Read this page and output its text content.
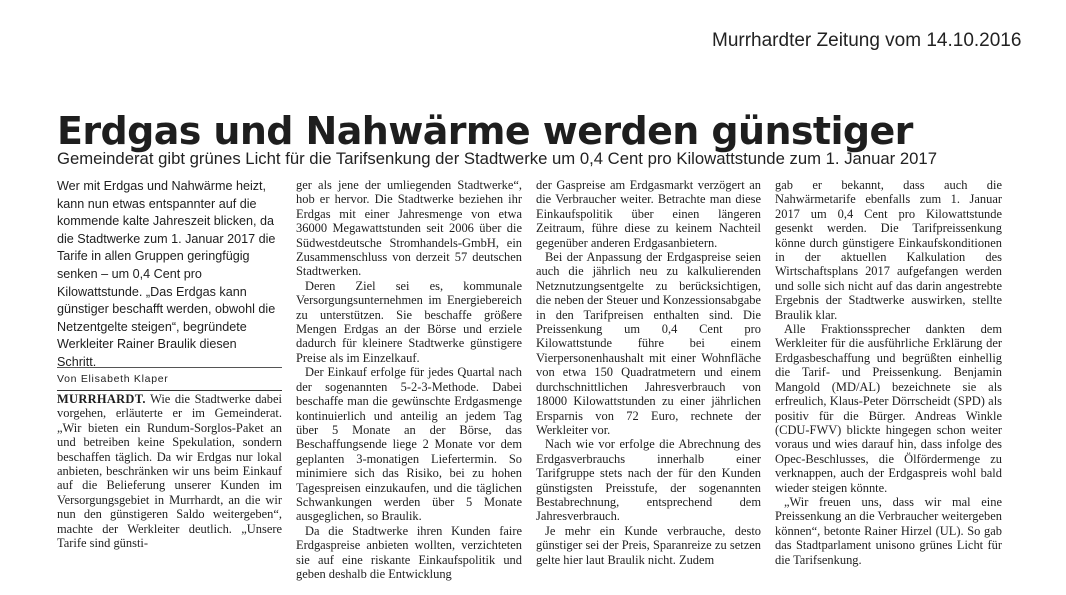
Murrhardter Zeitung vom 14.10.2016
Erdgas und Nahwärme werden günstiger
Gemeinderat gibt grünes Licht für die Tarifsenkung der Stadtwerke um 0,4 Cent pro Kilowattstunde zum 1. Januar 2017

Wer mit Erdgas und Nahwärme heizt, kann nun etwas entspannter auf die kommende kalte Jahreszeit blicken, da die Stadtwerke zum 1. Januar 2017 die Tarife in allen Gruppen geringfügig senken – um 0,4 Cent pro Kilowattstunde. „Das Erdgas kann günstiger beschafft werden, obwohl die Netzentgelte steigen“, begründete Werkleiter Rainer Braulik diesen Schritt.

Von Elisabeth Klaper

MURRHARDT. Wie die Stadtwerke dabei vorgehen, erläuterte er im Gemeinderat. „Wir bieten ein Rundum-Sorglos-Paket an und betreiben keine Spekulation, sondern beschaffen täglich. Da wir Erdgas nur lokal anbieten, beschränken wir uns beim Einkauf auf die Belieferung unserer Kunden im Versorgungsgebiet in Murrhardt, an die wir nun den günstigeren Saldo weitergeben“, machte der Werkleiter deutlich. „Unsere Tarife sind günsti-

ger als jene der umliegenden Stadtwerke“, hob er hervor. Die Stadtwerke beziehen ihr Erdgas mit einer Jahresmenge von etwa 36000 Megawattstunden seit 2006 über die Südwestdeutsche Stromhandels-GmbH, ein Zusammenschluss von derzeit 57 deutschen Stadtwerken.

Deren Ziel sei es, kommunale Versorgungsunternehmen im Energiebereich zu unterstützen. Sie beschaffe größere Mengen Erdgas an der Börse und erziele dadurch für kleinere Stadtwerke günstigere Preise als im Einzelkauf.

Der Einkauf erfolge für jedes Quartal nach der sogenannten 5-2-3-Methode. Dabei beschaffe man die gewünschte Erdgasmenge kontinuierlich und anteilig an jedem Tag über 5 Monate an der Börse, das Beschaffungsende liege 2 Monate vor dem geplanten 3-monatigen Liefertermin. So minimiere sich das Risiko, bei zu hohen Tagespreisen einzukaufen, und die täglichen Schwankungen werden über 5 Monate ausgeglichen, so Braulik.

Da die Stadtwerke ihren Kunden faire Erdgaspreise anbieten wollten, verzichteten sie auf eine riskante Einkaufspolitik und geben deshalb die Entwicklung

der Gaspreise am Erdgasmarkt verzögert an die Verbraucher weiter. Betrachte man diese Einkaufspolitik über einen längeren Zeitraum, führe diese zu keinem Nachteil gegenüber anderen Erdgasanbietern.

Bei der Anpassung der Erdgaspreise seien auch die jährlich neu zu kalkulierenden Netznutzungsentgelte zu berücksichtigen, die neben der Steuer und Konzessionsabgabe in den Tarifpreisen enthalten sind. Die Preissenkung um 0,4 Cent pro Kilowattstunde führe bei einem Vierpersonenhaushalt mit einer Wohnfläche von etwa 150 Quadratmetern und einem durchschnittlichen Jahresverbrauch von 18000 Kilowattstunden zu einer jährlichen Ersparnis von 72 Euro, rechnete der Werkleiter vor.

Nach wie vor erfolge die Abrechnung des Erdgasverbrauchs innerhalb einer Tarifgruppe stets nach der für den Kunden günstigsten Preisstufe, der sogenannten Bestabrechnung, entsprechend dem Jahresverbrauch.

Je mehr ein Kunde verbrauche, desto günstiger sei der Preis, Sparanreize zu setzen gelte hier laut Braulik nicht. Zudem

gab er bekannt, dass auch die Nahwärmetarife ebenfalls zum 1. Januar 2017 um 0,4 Cent pro Kilowattstunde gesenkt werden. Die Tarifpreissenkung könne durch günstigere Einkaufskonditionen in der aktuellen Kalkulation des Wirtschaftsplans 2017 aufgefangen werden und solle sich nicht auf das darin angestrebte Ergebnis der Stadtwerke auswirken, stellte Braulik klar.

Alle Fraktionssprecher dankten dem Werkleiter für die ausführliche Erklärung der Erdgasbeschaffung und begrüßten einhellig die Tarif- und Preissenkung. Benjamin Mangold (MD/AL) bezeichnete sie als erfreulich, Klaus-Peter Dörrscheidt (SPD) als positiv für die Bürger. Andreas Winkle (CDU-FWV) blickte hingegen schon weiter voraus und wies darauf hin, dass infolge des Opec-Beschlusses, die Ölfördermenge zu verknappen, auch der Erdgaspreis wohl bald wieder steigen könnte.

„Wir freuen uns, dass wir mal eine Preissenkung an die Verbraucher weitergeben können“, betonte Rainer Hirzel (UL). So gab das Stadtparlament unisono grünes Licht für die Tarifsenkung.
